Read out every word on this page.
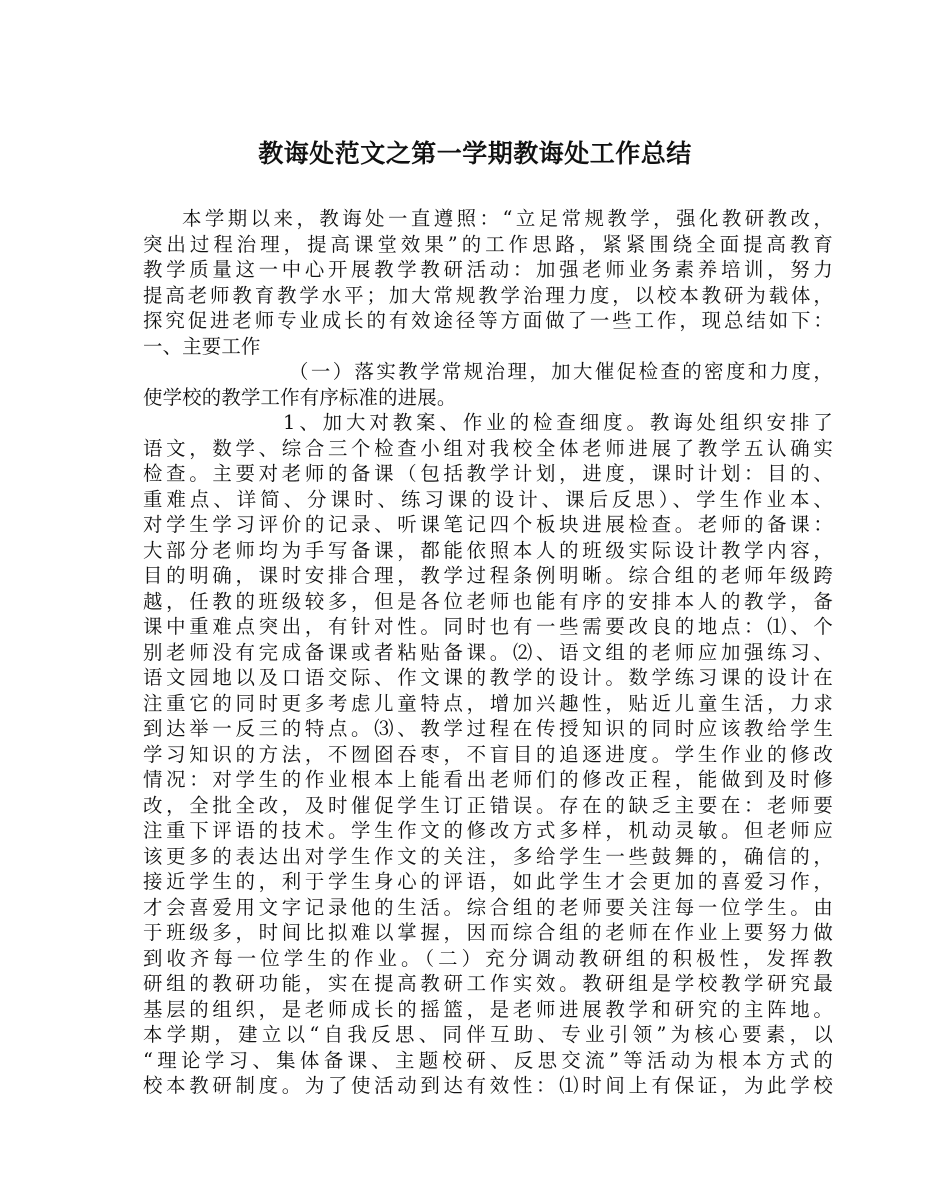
教诲处范文之第一学期教诲处工作总结
本学期以来，教诲处一直遵照：“立足常规教学，强化教研教改，
突出过程治理，提高课堂效果”的工作思路，紧紧围绕全面提高教育
教学质量这一中心开展教学教研活动：加强老师业务素养培训，努力
提高老师教育教学水平；加大常规教学治理力度，以校本教研为载体，
探究促进老师专业成长的有效途径等方面做了一些工作，现总结如下：
一、主要工作
（一）落实教学常规治理，加大催促检查的密度和力度，
使学校的教学工作有序标准的进展。
1、加大对教案、作业的检查细度。教诲处组织安排了
语文，数学、综合三个检查小组对我校全体老师进展了教学五认确实
检查。主要对老师的备课（包括教学计划，进度，课时计划：目的、
重难点、详简、分课时、练习课的设计、课后反思）、学生作业本、
对学生学习评价的记录、听课笔记四个板块进展检查。老师的备课：
大部分老师均为手写备课，都能依照本人的班级实际设计教学内容，
目的明确，课时安排合理，教学过程条例明晰。综合组的老师年级跨
越，任教的班级较多，但是各位老师也能有序的安排本人的教学，备
课中重难点突出，有针对性。同时也有一些需要改良的地点：⑴、个
别老师没有完成备课或者粘贴备课。⑵、语文组的老师应加强练习、
语文园地以及口语交际、作文课的教学的设计。数学练习课的设计在
注重它的同时更多考虑儿童特点，增加兴趣性，贴近儿童生活，力求
到达举一反三的特点。⑶、教学过程在传授知识的同时应该教给学生
学习知识的方法，不囫囵吞枣，不盲目的追逐进度。学生作业的修改
情况：对学生的作业根本上能看出老师们的修改正程，能做到及时修
改，全批全改，及时催促学生订正错误。存在的缺乏主要在：老师要
注重下评语的技术。学生作文的修改方式多样，机动灵敏。但老师应
该更多的表达出对学生作文的关注，多给学生一些鼓舞的，确信的，
接近学生的，利于学生身心的评语，如此学生才会更加的喜爱习作，
才会喜爱用文字记录他的生活。综合组的老师要关注每一位学生。由
于班级多，时间比拟难以掌握，因而综合组的老师在作业上要努力做
到收齐每一位学生的作业。（二）充分调动教研组的积极性，发挥教
研组的教研功能，实在提高教研工作实效。教研组是学校教学研究最
基层的组织，是老师成长的摇篮，是老师进展教学和研究的主阵地。
本学期，建立以“自我反思、同伴互助、专业引领”为核心要素，以
“理论学习、集体备课、主题校研、反思交流”等活动为根本方式的
校本教研制度。为了使活动到达有效性：⑴时间上有保证，为此学校
